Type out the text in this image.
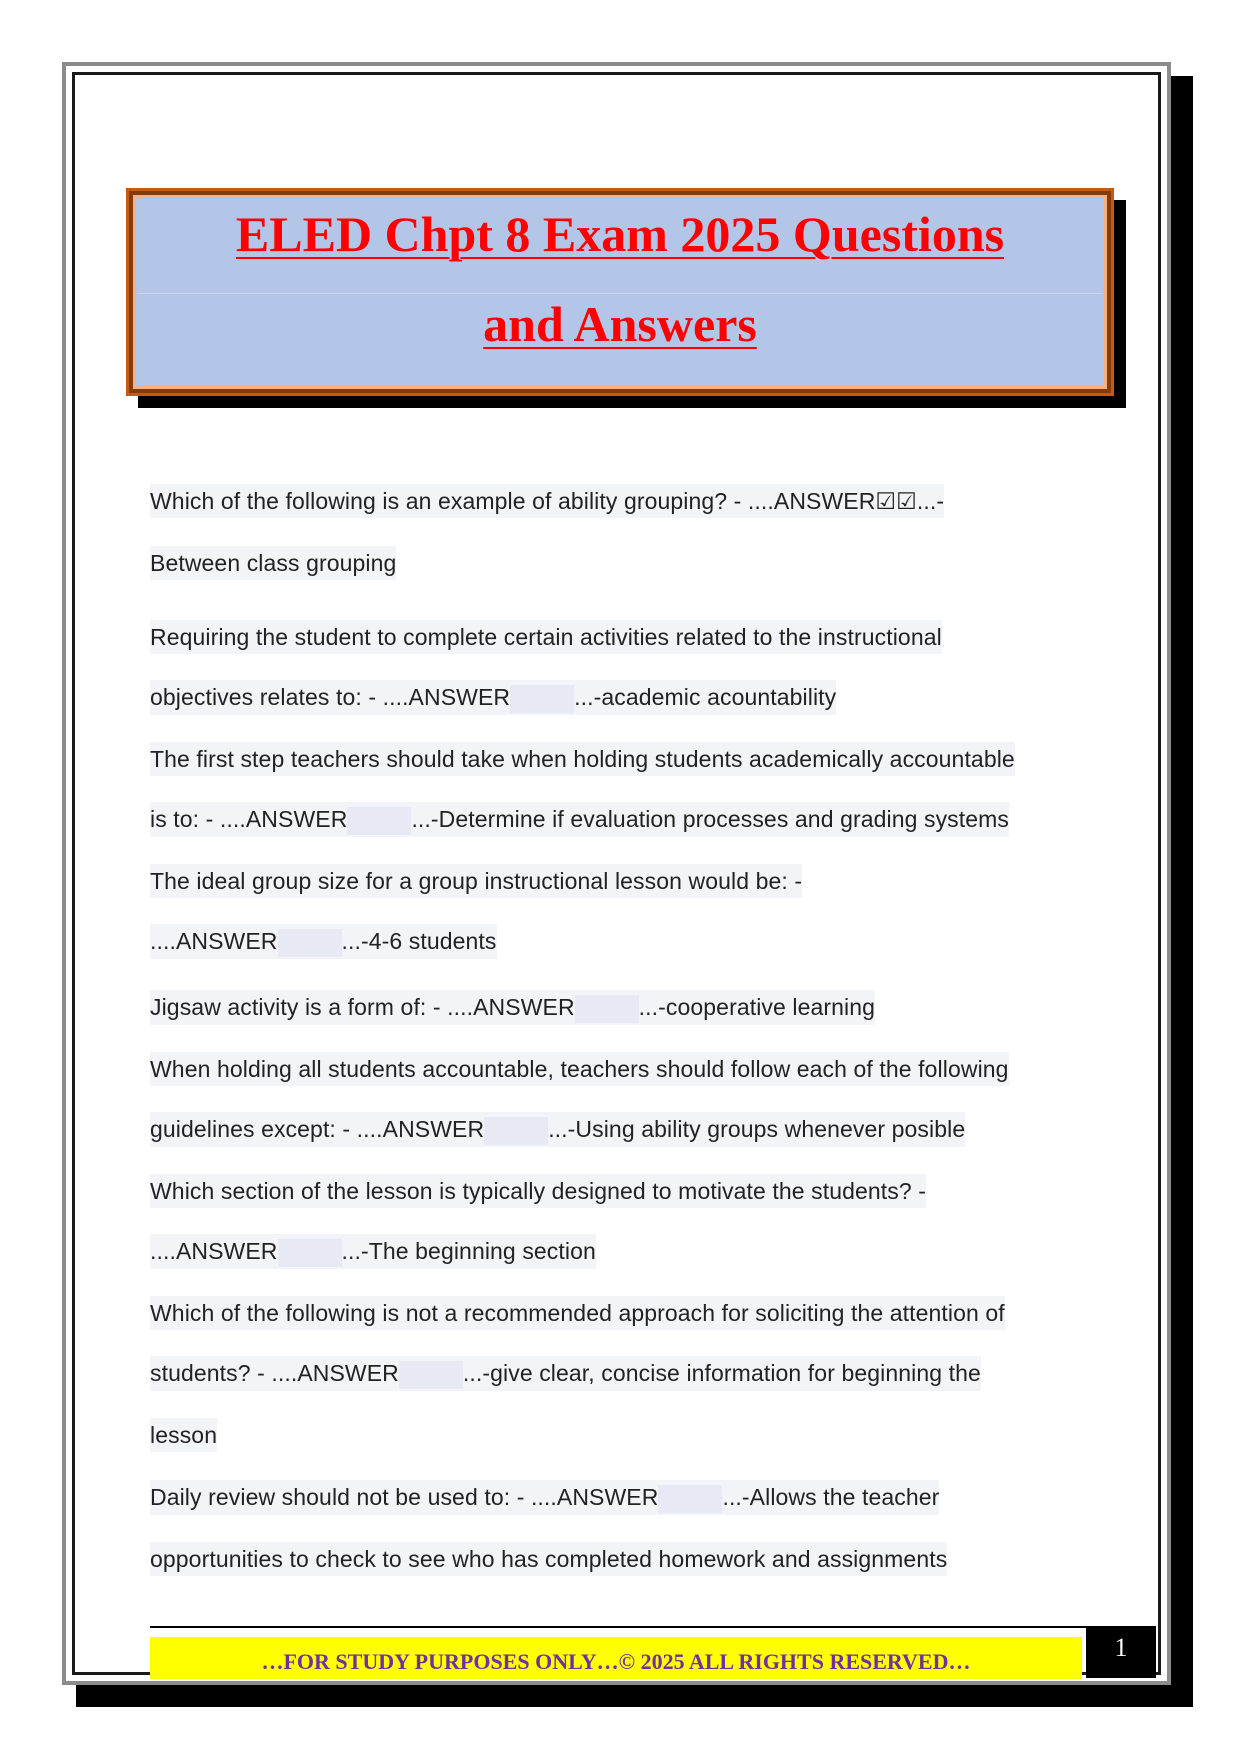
ELED Chpt 8 Exam 2025 Questions
and Answers
Which of the following is an example of ability grouping? - ....ANSWER☑☑...-
Between class grouping
Requiring the student to complete certain activities related to the instructional
objectives relates to: - ....ANSWER	...-academic acountability
The first step teachers should take when holding students academically accountable
is to: - ....ANSWER	...-Determine if evaluation processes and grading systems
The ideal group size for a group instructional lesson would be: -
....ANSWER	...-4-6 students
Jigsaw activity is a form of: - ....ANSWER	...-cooperative learning
When holding all students accountable, teachers should follow each of the following
guidelines except: - ....ANSWER	...-Using ability groups whenever posible
Which section of the lesson is typically designed to motivate the students? -
....ANSWER	...-The beginning section
Which of the following is not a recommended approach for soliciting the attention of
students? - ....ANSWER	...-give clear, concise information for beginning the
lesson
Daily review should not be used to: - ....ANSWER	...-Allows the teacher
opportunities to check to see who has completed homework and assignments
…FOR STUDY PURPOSES ONLY…© 2025 ALL RIGHTS RESERVED…	1
